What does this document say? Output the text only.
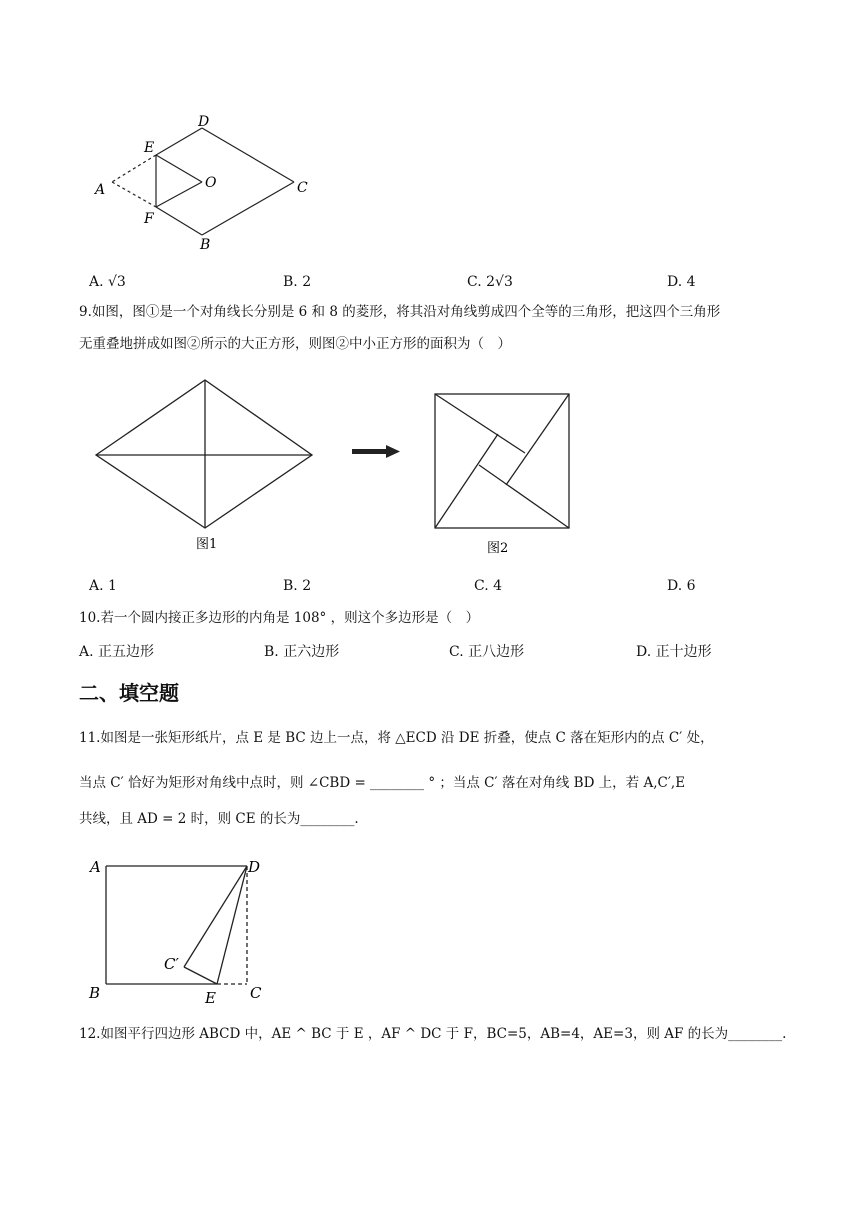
D
E
O
A	C
F
B
A. √3	B. 2	C. 2√3	D. 4
9.如图，图①是一个对角线长分别是 6 和 8 的菱形，将其沿对角线剪成四个全等的三角形，把这四个三角形
无重叠地拼成如图②所示的大正方形，则图②中小正方形的面积为（　）
图1	图2
A. 1	B. 2	C. 4	D. 6
10.若一个圆内接正多边形的内角是 108° ，则这个多边形是（　）
A. 正五边形	B. 正六边形	C. 正八边形	D. 正十边形
二、填空题
11.如图是一张矩形纸片，点 E 是 BC 边上一点，将 △ECD 沿 DE 折叠，使点 C 落在矩形内的点 C′ 处，
当点 C′ 恰好为矩形对角线中点时，则 ∠CBD = ________ ° ；当点 C′ 落在对角线 BD 上，若 A,C′,E
共线，且 AD = 2 时，则 CE 的长为________.
A	D
C′
B	E C
12.如图平行四边形 ABCD 中，AE ^ BC 于 E ，AF ^ DC 于 F，BC=5，AB=4，AE=3，则 AF 的长为________.
